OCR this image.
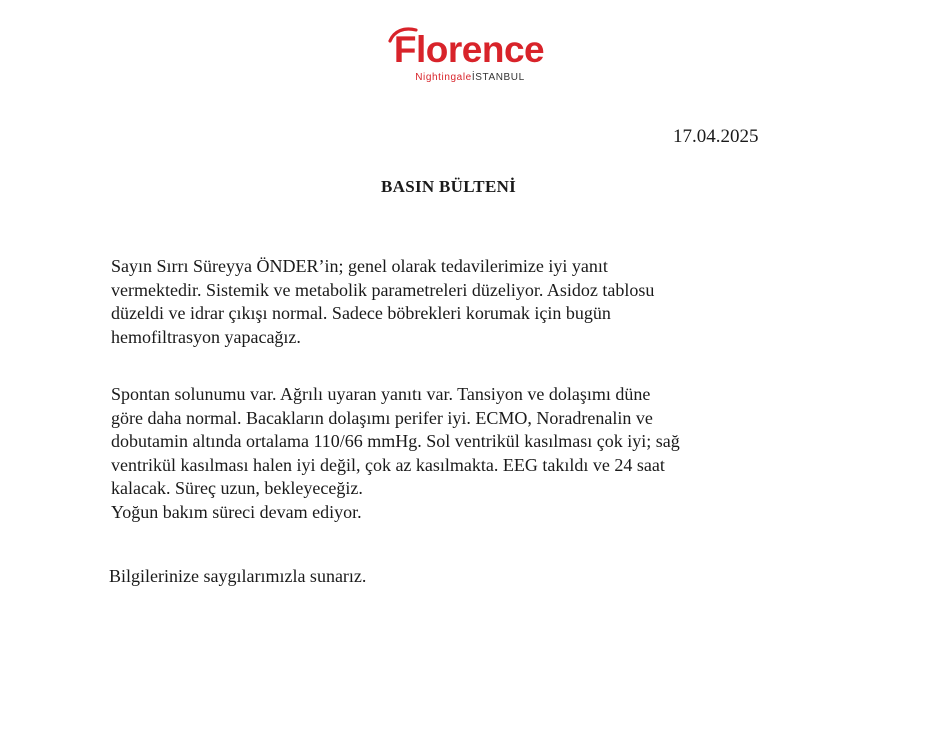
Florence
NightingaleİSTANBUL
17.04.2025
BASIN BÜLTENİ
Sayın Sırrı Süreyya ÖNDER’in; genel olarak tedavilerimize iyi yanıt
vermektedir. Sistemik ve metabolik parametreleri düzeliyor. Asidoz tablosu
düzeldi ve idrar çıkışı normal. Sadece böbrekleri korumak için bugün
hemofiltrasyon yapacağız.
Spontan solunumu var. Ağrılı uyaran yanıtı var. Tansiyon ve dolaşımı düne
göre daha normal. Bacakların dolaşımı perifer iyi. ECMO, Noradrenalin ve
dobutamin altında ortalama 110/66 mmHg. Sol ventrikül kasılması çok iyi; sağ
ventrikül kasılması halen iyi değil, çok az kasılmakta. EEG takıldı ve 24 saat
kalacak. Süreç uzun, bekleyeceğiz.
Yoğun bakım süreci devam ediyor.
Bilgilerinize saygılarımızla sunarız.
